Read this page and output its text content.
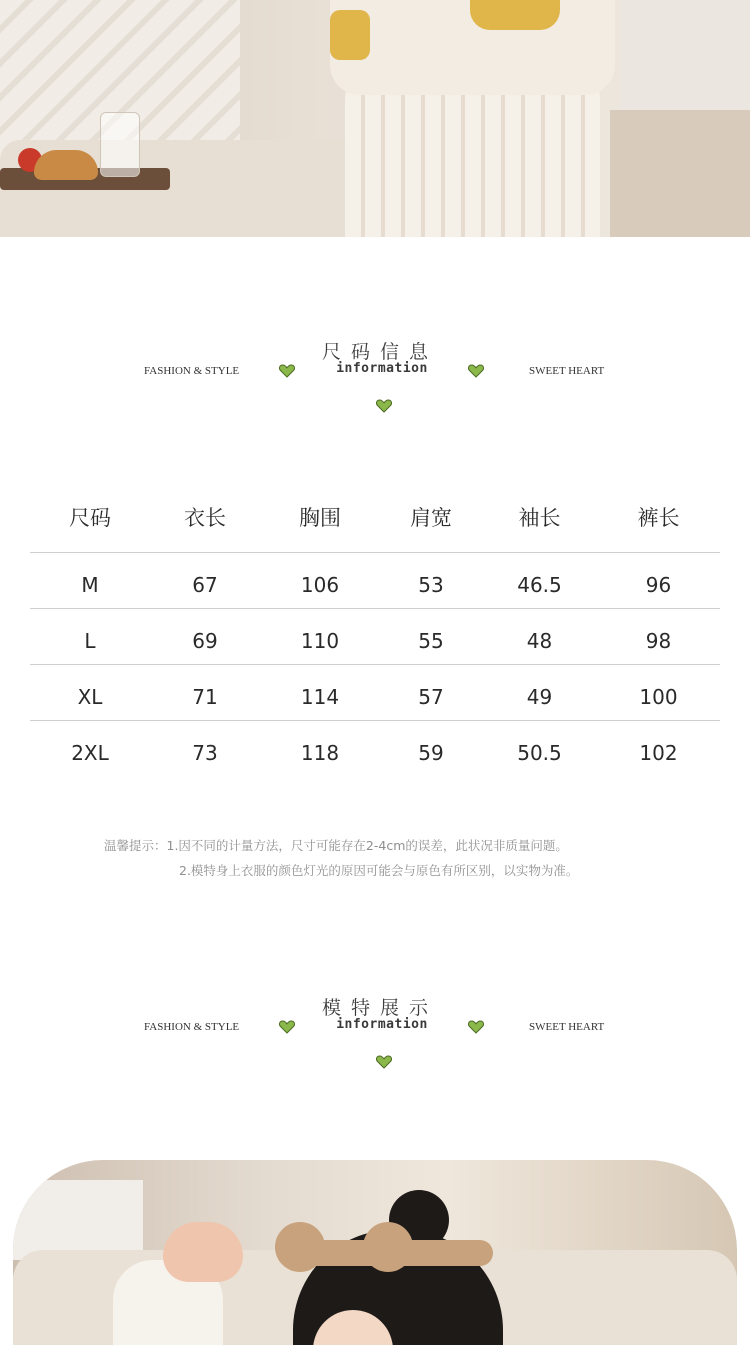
尺码信息
FASHION & STYLE	information	SWEET HEART
尺码	衣长	胸围	肩宽	袖长	裤长
M	67	106	53	46.5	96
L	69	110	55	48	98
XL	71	114	57	49	100
2XL	73	118	59	50.5	102
温馨提示：1.因不同的计量方法，尺寸可能存在2-4cm的误差，此状况非质量问题。
2.模特身上衣服的颜色灯光的原因可能会与原色有所区别，以实物为准。
模特展示
FASHION & STYLE	information	SWEET HEART
